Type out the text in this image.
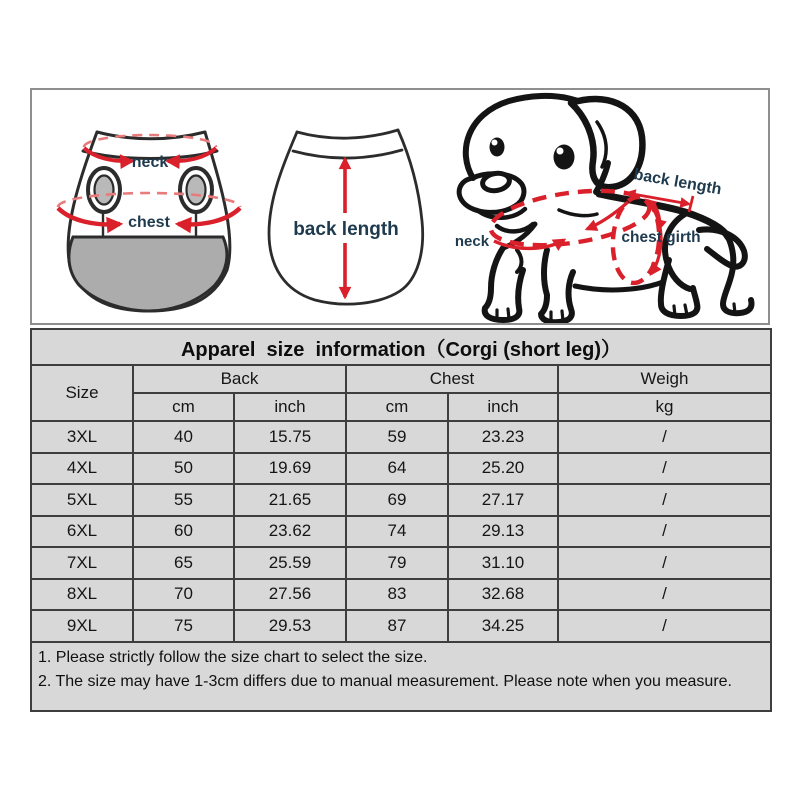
neck
chest	back length
neck
back length
chest girth
Apparel  size  information（Corgi (short leg)）					
Size	Back		Chest		Weigh
	cm	inch	cm	inch	kg
3XL	40	15.75	59	23.23	/
4XL	50	19.69	64	25.20	/
5XL	55	21.65	69	27.17	/
6XL	60	23.62	74	29.13	/
7XL	65	25.59	79	31.10	/
8XL	70	27.56	83	32.68	/
9XL	75	29.53	87	34.25	/

1. Please strictly follow the size chart to select the size.
2. The size may have 1-3cm differs due to manual measurement. Please note when you measure.					
